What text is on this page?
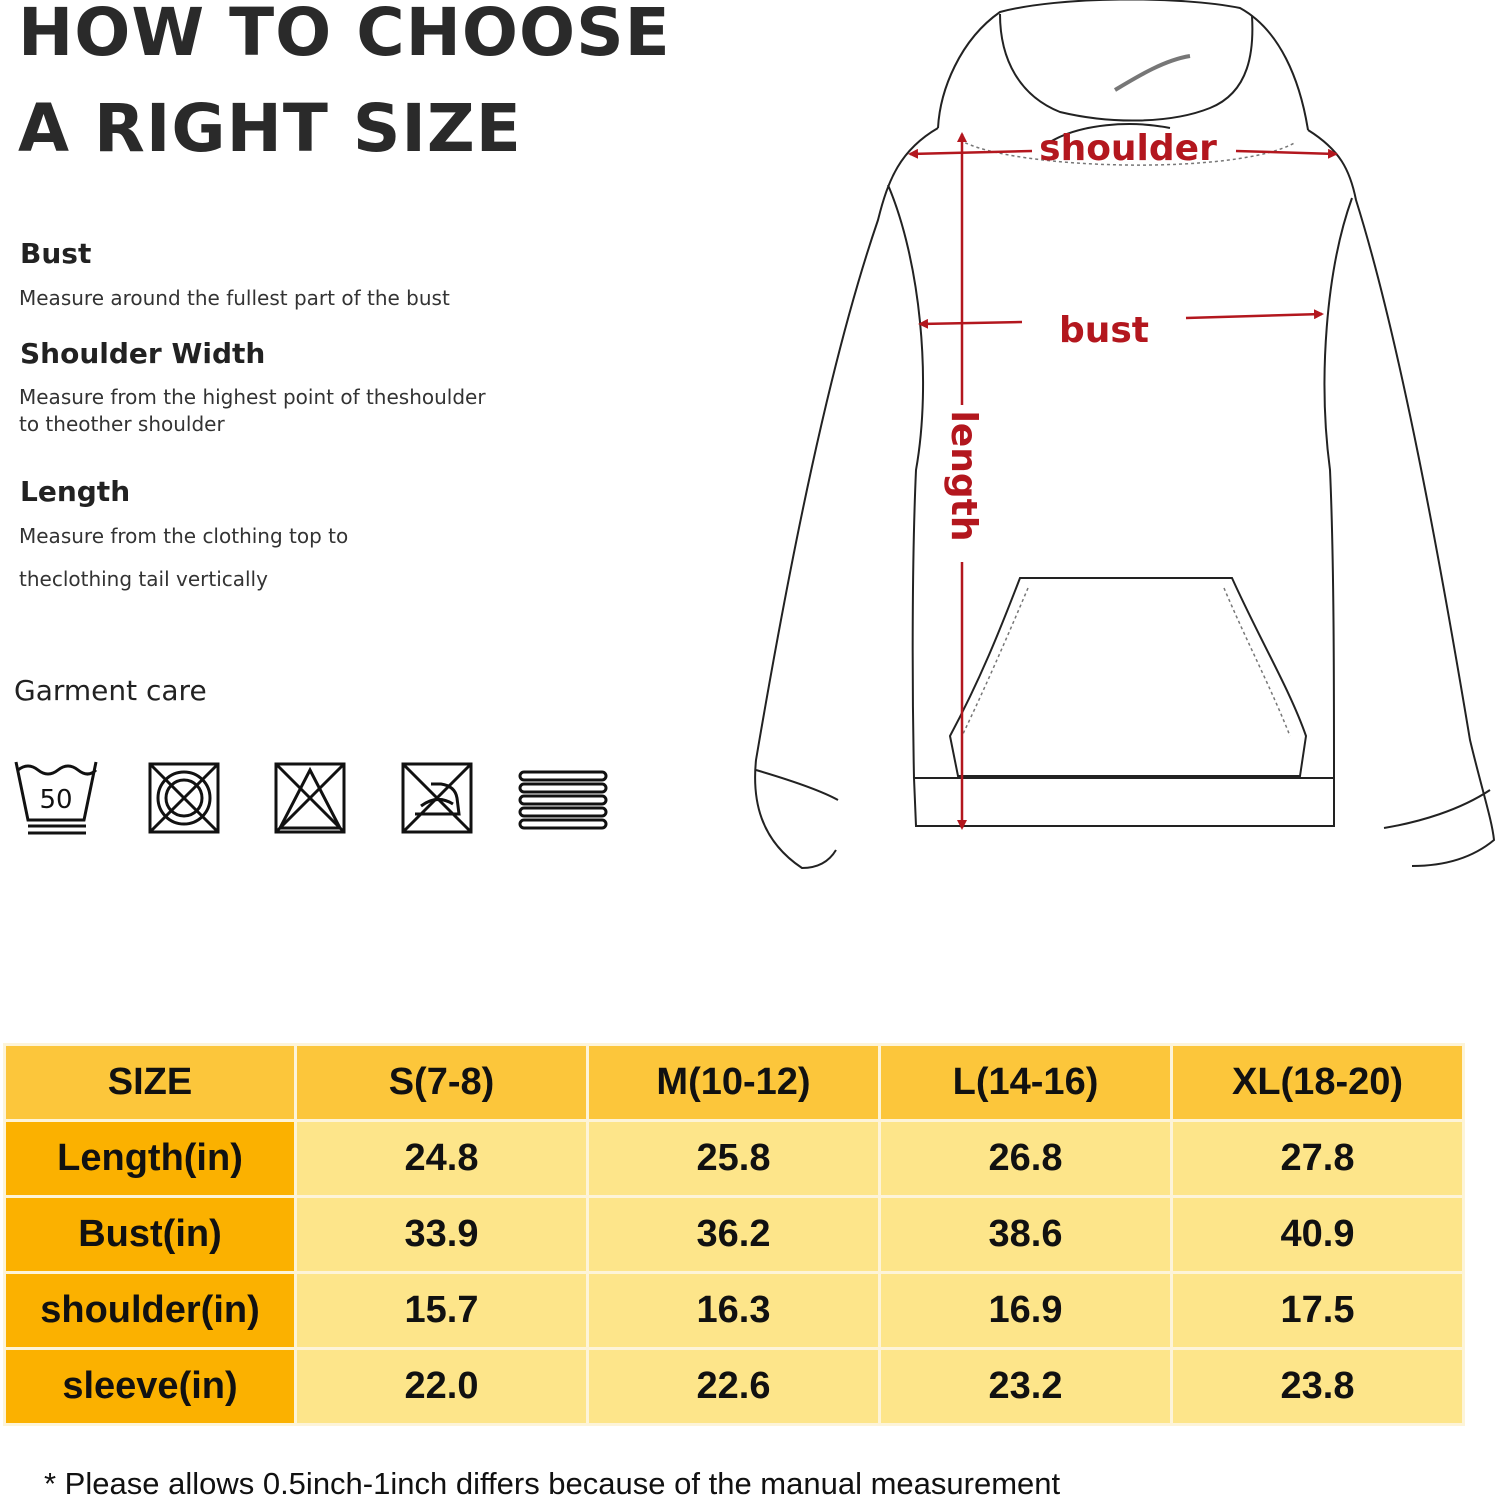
HOW TO CHOOSE
A RIGHT SIZE
Bust

Measure around the fullest part of the bust

Shoulder Width

Measure from the highest point of theshoulder

to theother shoulder

Length

Measure from the clothing top to

theclothing tail vertically

Garment care
50
shoulder
bust
length
SIZE	S(7-8)	M(10-12)	L(14-16)	XL(18-20)
Length(in)	24.8	25.8	26.8	27.8
Bust(in)	33.9	36.2	38.6	40.9
shoulder(in)	15.7	16.3	16.9	17.5
sleeve(in)	22.0	22.6	23.2	23.8
* Please allows 0.5inch-1inch differs because of the manual measurement
